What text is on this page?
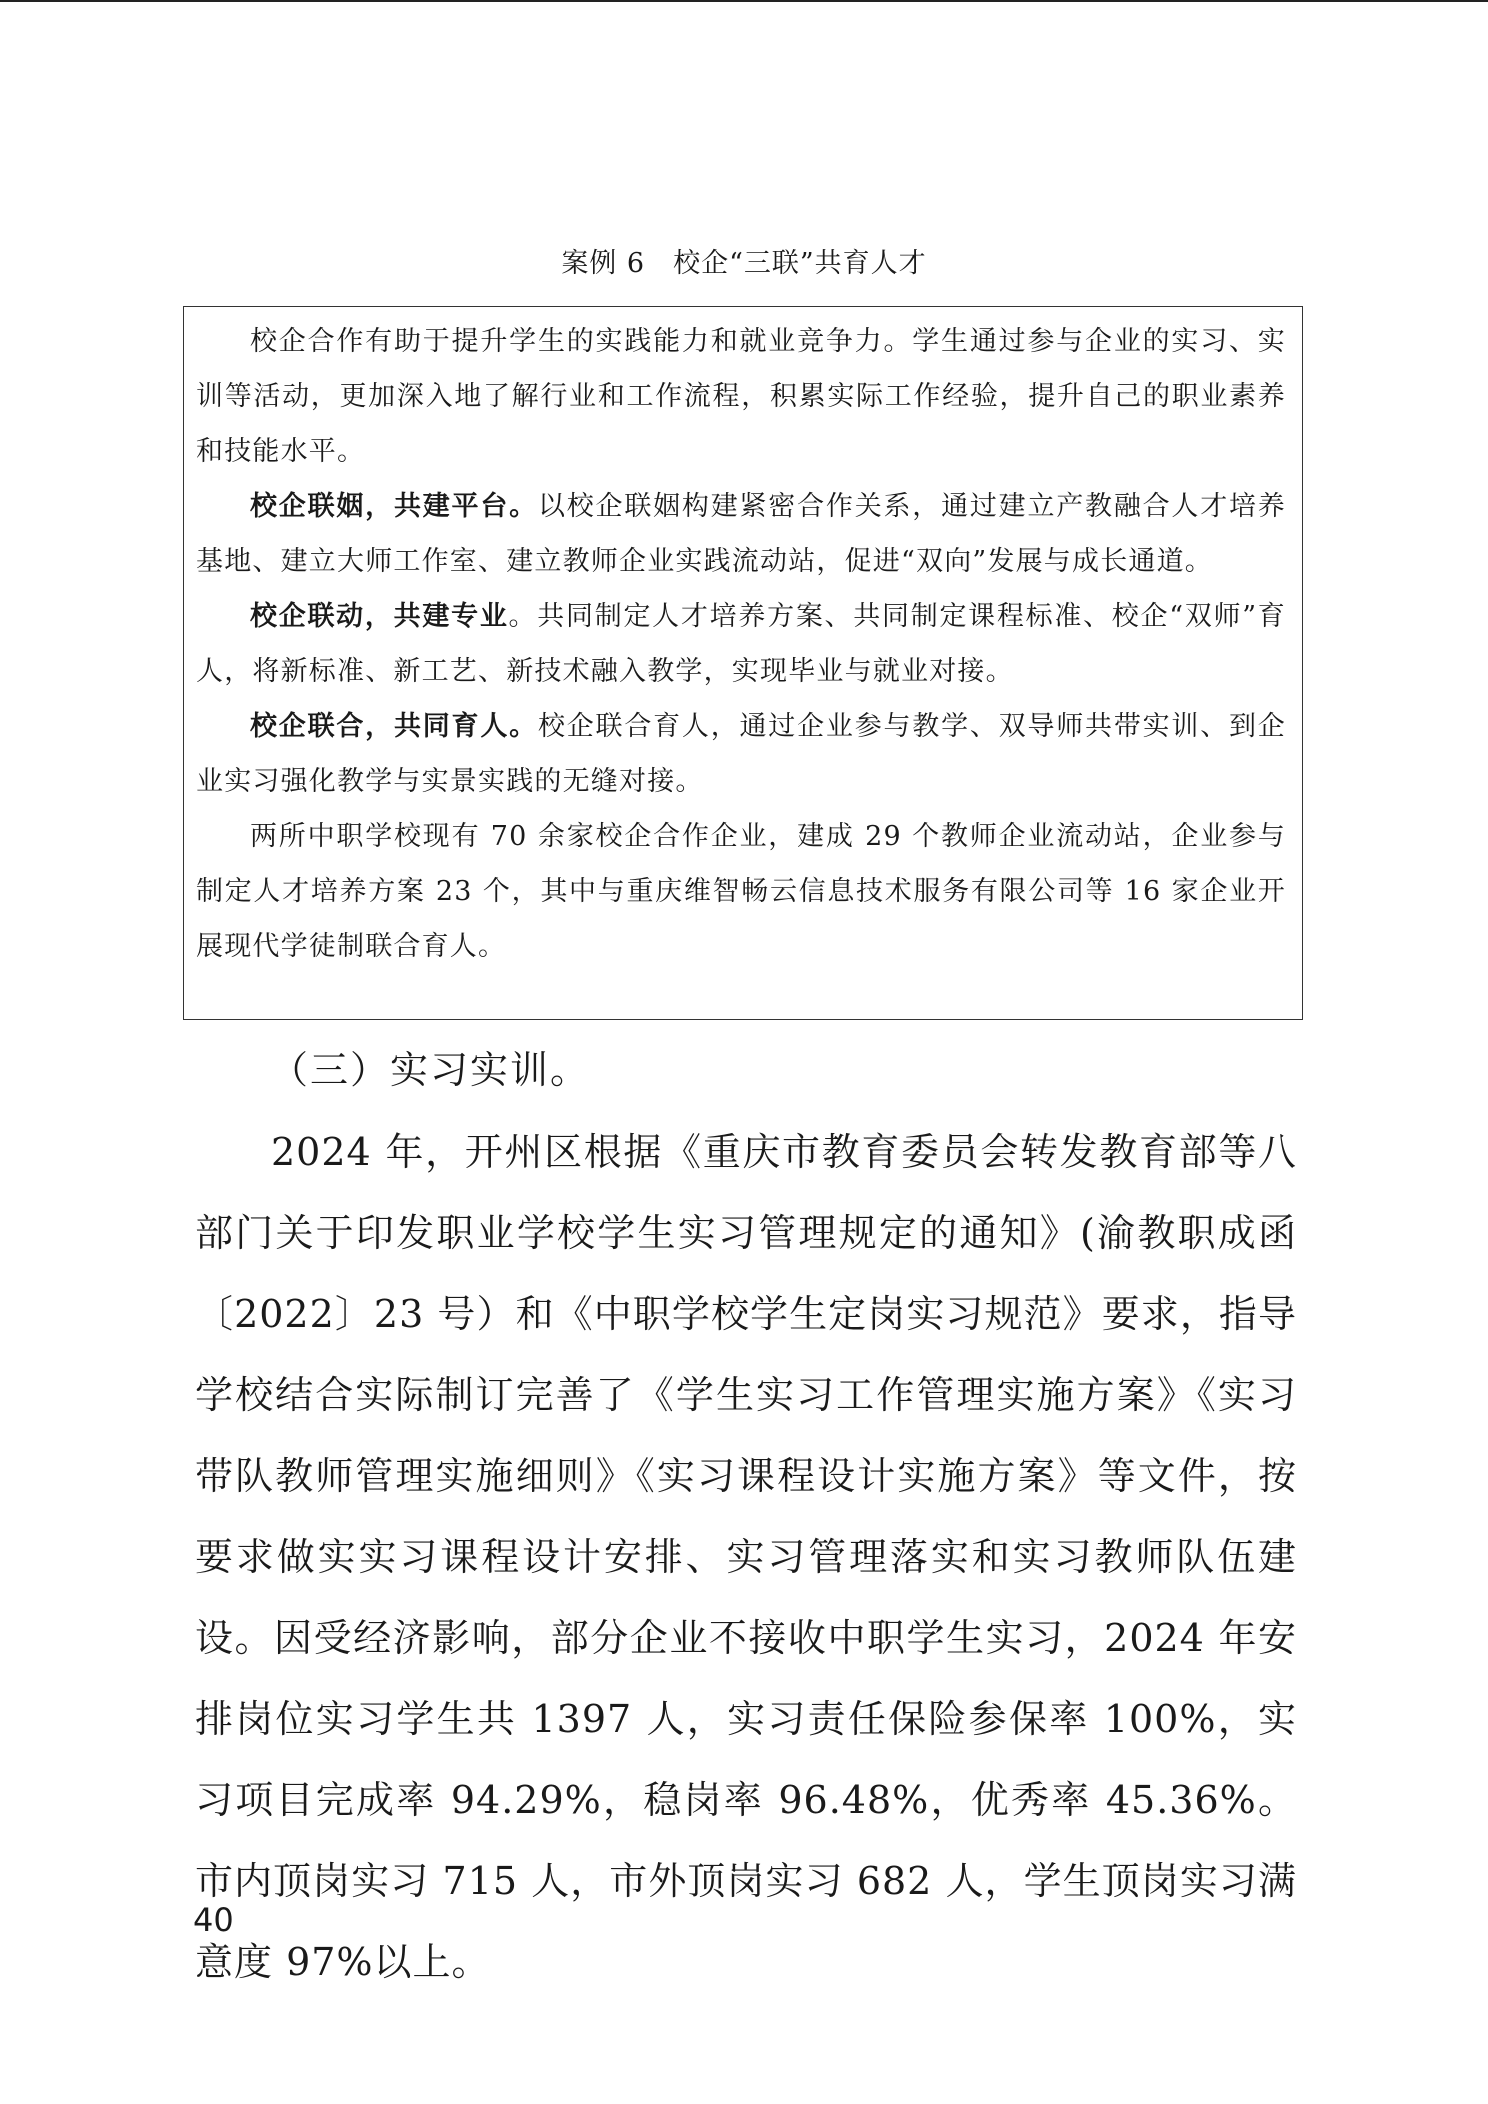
案例 6　校企“三联”共育人才

校企合作有助于提升学生的实践能力和就业竞争力。学生通过参与企业的实习、实训等活动，更加深入地了解行业和工作流程，积累实际工作经验，提升自己的职业素养和技能水平。

校企联姻，共建平台。以校企联姻构建紧密合作关系，通过建立产教融合人才培养基地、建立大师工作室、建立教师企业实践流动站，促进“双向”发展与成长通道。

校企联动，共建专业。共同制定人才培养方案、共同制定课程标准、校企“双师”育人，将新标准、新工艺、新技术融入教学，实现毕业与就业对接。

校企联合，共同育人。校企联合育人，通过企业参与教学、双导师共带实训、到企业实习强化教学与实景实践的无缝对接。

两所中职学校现有 70 余家校企合作企业，建成 29 个教师企业流动站，企业参与制定人才培养方案 23 个，其中与重庆维智畅云信息技术服务有限公司等 16 家企业开展现代学徒制联合育人。

（三）实习实训。

2024 年，开州区根据《重庆市教育委员会转发教育部等八部门关于印发职业学校学生实习管理规定的通知》(渝教职成函〔2022〕23 号）和《中职学校学生定岗实习规范》要求，指导学校结合实际制订完善了《学生实习工作管理实施方案》《实习带队教师管理实施细则》《实习课程设计实施方案》等文件，按要求做实实习课程设计安排、实习管理落实和实习教师队伍建设。因受经济影响，部分企业不接收中职学生实习，2024 年安排岗位实习学生共 1397 人，实习责任保险参保率 100%，实习项目完成率 94.29%，稳岗率 96.48%，优秀率 45.36%。市内顶岗实习 715 人，市外顶岗实习 682 人，学生顶岗实习满意度 97%以上。

40
